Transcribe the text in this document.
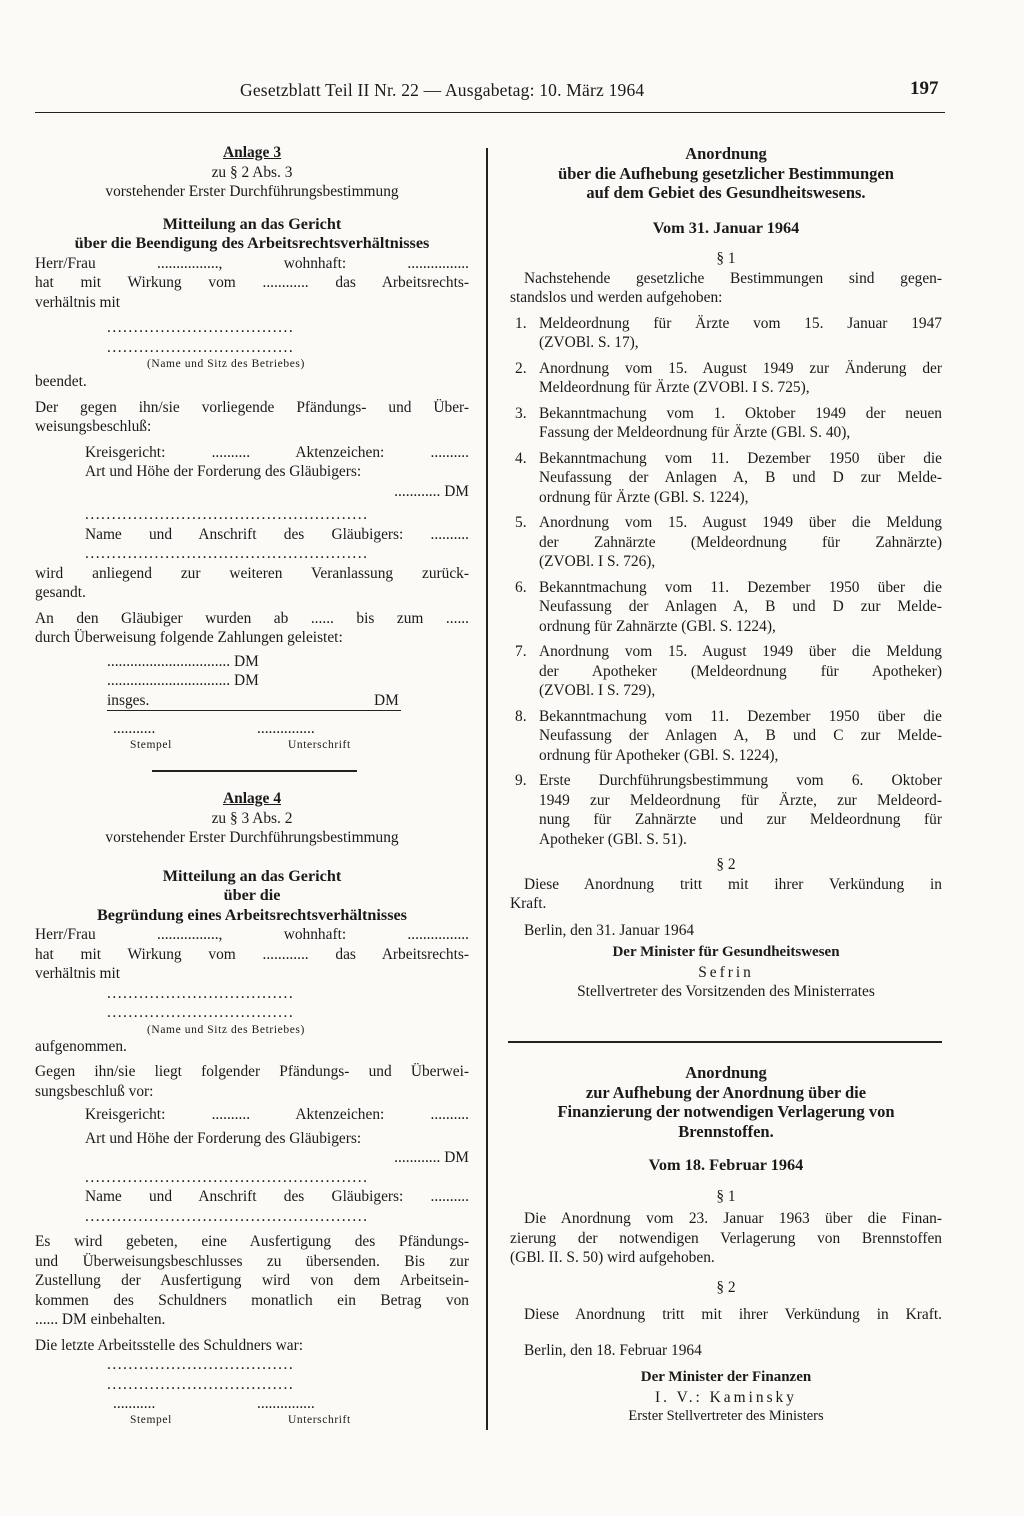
Gesetzblatt Teil II Nr. 22 — Ausgabetag: 10. März 1964	197
Anlage 3
zu § 2 Abs. 3
vorstehender Erster Durchführungsbestimmung
Mitteilung an das Gericht
über die Beendigung des Arbeitsrechtsverhältnisses
Herr/Frau ................, wohnhaft: ................
hat mit Wirkung vom ............ das Arbeitsrechts-
verhältnis mit
...................................
...................................
(Name und Sitz des Betriebes)
beendet.
Der gegen ihn/sie vorliegende Pfändungs- und Über-
weisungsbeschluß:
Kreisgericht: .......... Aktenzeichen: ..........
Art und Höhe der Forderung des Gläubigers:
............ DM
.....................................................
Name und Anschrift des Gläubigers: ..........
.....................................................
wird anliegend zur weiteren Veranlassung zurück-
gesandt.
An den Gläubiger wurden ab ...... bis zum ......
durch Überweisung folgende Zahlungen geleistet:
................................ DM
................................ DM
insges.	DM
...........	...............
Stempel	Unterschrift
Anlage 4
zu § 3 Abs. 2
vorstehender Erster Durchführungsbestimmung
Mitteilung an das Gericht
über die
Begründung eines Arbeitsrechtsverhältnisses
Herr/Frau ................, wohnhaft: ................
hat mit Wirkung vom ............ das Arbeitsrechts-
verhältnis mit
...................................
...................................
(Name und Sitz des Betriebes)
aufgenommen.
Gegen ihn/sie liegt folgender Pfändungs- und Überwei-
sungsbeschluß vor:
Kreisgericht: .......... Aktenzeichen: ..........
Art und Höhe der Forderung des Gläubigers:
............ DM
.....................................................
Name und Anschrift des Gläubigers: ..........
.....................................................
Es wird gebeten, eine Ausfertigung des Pfändungs-
und Überweisungsbeschlusses zu übersenden. Bis zur
Zustellung der Ausfertigung wird von dem Arbeitsein-
kommen des Schuldners monatlich ein Betrag von
...... DM einbehalten.
Die letzte Arbeitsstelle des Schuldners war:
...................................
...................................
...........	...............
Stempel	Unterschrift
Anordnung
über die Aufhebung gesetzlicher Bestimmungen
auf dem Gebiet des Gesundheitswesens.
Vom 31. Januar 1964
§ 1
Nachstehende gesetzliche Bestimmungen sind gegen-
standslos und werden aufgehoben:
1. Meldeordnung für Ärzte vom 15. Januar 1947
(ZVOBl. S. 17),
2. Anordnung vom 15. August 1949 zur Änderung der
Meldeordnung für Ärzte (ZVOBl. I S. 725),
3. Bekanntmachung vom 1. Oktober 1949 der neuen
Fassung der Meldeordnung für Ärzte (GBl. S. 40),
4. Bekanntmachung vom 11. Dezember 1950 über die
Neufassung der Anlagen A, B und D zur Melde-
ordnung für Ärzte (GBl. S. 1224),
5. Anordnung vom 15. August 1949 über die Meldung
der Zahnärzte (Meldeordnung für Zahnärzte)
(ZVOBl. I S. 726),
6. Bekanntmachung vom 11. Dezember 1950 über die
Neufassung der Anlagen A, B und D zur Melde-
ordnung für Zahnärzte (GBl. S. 1224),
7. Anordnung vom 15. August 1949 über die Meldung
der Apotheker (Meldeordnung für Apotheker)
(ZVOBl. I S. 729),
8. Bekanntmachung vom 11. Dezember 1950 über die
Neufassung der Anlagen A, B und C zur Melde-
ordnung für Apotheker (GBl. S. 1224),
9. Erste Durchführungsbestimmung vom 6. Oktober
1949 zur Meldeordnung für Ärzte, zur Meldeord-
nung für Zahnärzte und zur Meldeordnung für
Apotheker (GBl. S. 51).
§ 2
Diese Anordnung tritt mit ihrer Verkündung in
Kraft.
Berlin, den 31. Januar 1964
Der Minister für Gesundheitswesen
Sefrin
Stellvertreter des Vorsitzenden des Ministerrates
Anordnung
zur Aufhebung der Anordnung über die
Finanzierung der notwendigen Verlagerung von
Brennstoffen.
Vom 18. Februar 1964
§ 1
Die Anordnung vom 23. Januar 1963 über die Finan-
zierung der notwendigen Verlagerung von Brennstoffen
(GBl. II. S. 50) wird aufgehoben.
§ 2
Diese Anordnung tritt mit ihrer Verkündung in Kraft.
Berlin, den 18. Februar 1964
Der Minister der Finanzen
I. V.: Kaminsky
Erster Stellvertreter des Ministers
